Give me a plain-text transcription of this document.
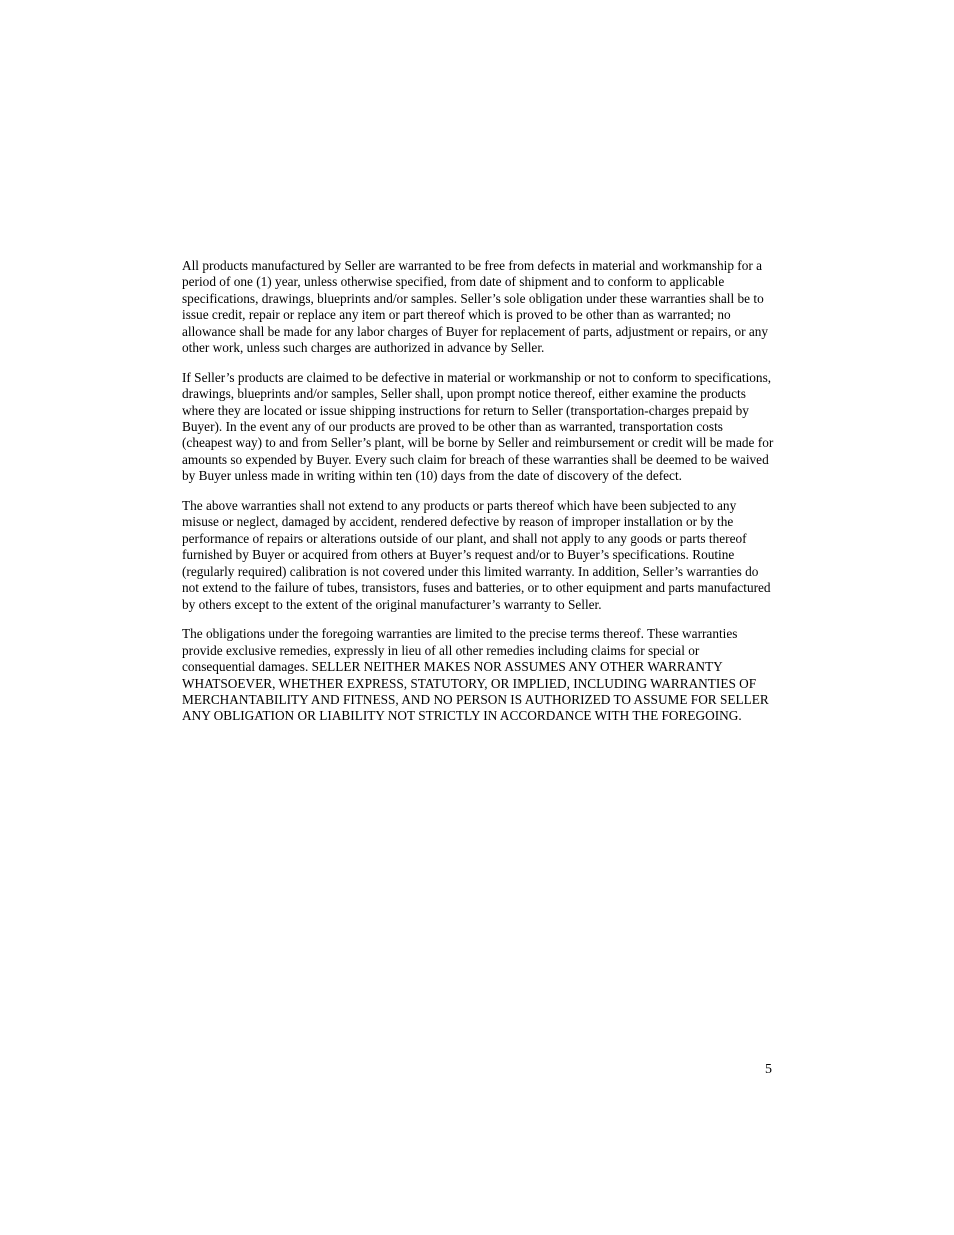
All products manufactured by Seller are warranted to be free from defects in material and workmanship for a period of one (1) year, unless otherwise specified, from date of shipment and to conform to applicable specifications, drawings, blueprints and/or samples. Seller’s sole obligation under these warranties shall be to issue credit, repair or replace any item or part thereof which is proved to be other than as warranted; no allowance shall be made for any labor charges of Buyer for replacement of parts, adjustment or repairs, or any other work, unless such charges are authorized in advance by Seller.

If Seller’s products are claimed to be defective in material or workmanship or not to conform to specifications, drawings, blueprints and/or samples, Seller shall, upon prompt notice thereof, either examine the products where they are located or issue shipping instructions for return to Seller (transportation-charges prepaid by Buyer). In the event any of our products are proved to be other than as warranted, transportation costs (cheapest way) to and from Seller’s plant, will be borne by Seller and reimbursement or credit will be made for amounts so expended by Buyer. Every such claim for breach of these warranties shall be deemed to be waived by Buyer unless made in writing within ten (10) days from the date of discovery of the defect.

The above warranties shall not extend to any products or parts thereof which have been subjected to any misuse or neglect, damaged by accident, rendered defective by reason of improper installation or by the performance of repairs or alterations outside of our plant, and shall not apply to any goods or parts thereof furnished by Buyer or acquired from others at Buyer’s request and/or to Buyer’s specifications. Routine (regularly required) calibration is not covered under this limited warranty. In addition, Seller’s warranties do not extend to the failure of tubes, transistors, fuses and batteries, or to other equipment and parts manufactured by others except to the extent of the original manufacturer’s warranty to Seller.

The obligations under the foregoing warranties are limited to the precise terms thereof. These warranties provide exclusive remedies, expressly in lieu of all other remedies including claims for special or consequential damages. SELLER NEITHER MAKES NOR ASSUMES ANY OTHER WARRANTY WHATSOEVER, WHETHER EXPRESS, STATUTORY, OR IMPLIED, INCLUDING WARRANTIES OF MERCHANTABILITY AND FITNESS, AND NO PERSON IS AUTHORIZED TO ASSUME FOR SELLER ANY OBLIGATION OR LIABILITY NOT STRICTLY IN ACCORDANCE WITH THE FOREGOING.

5
